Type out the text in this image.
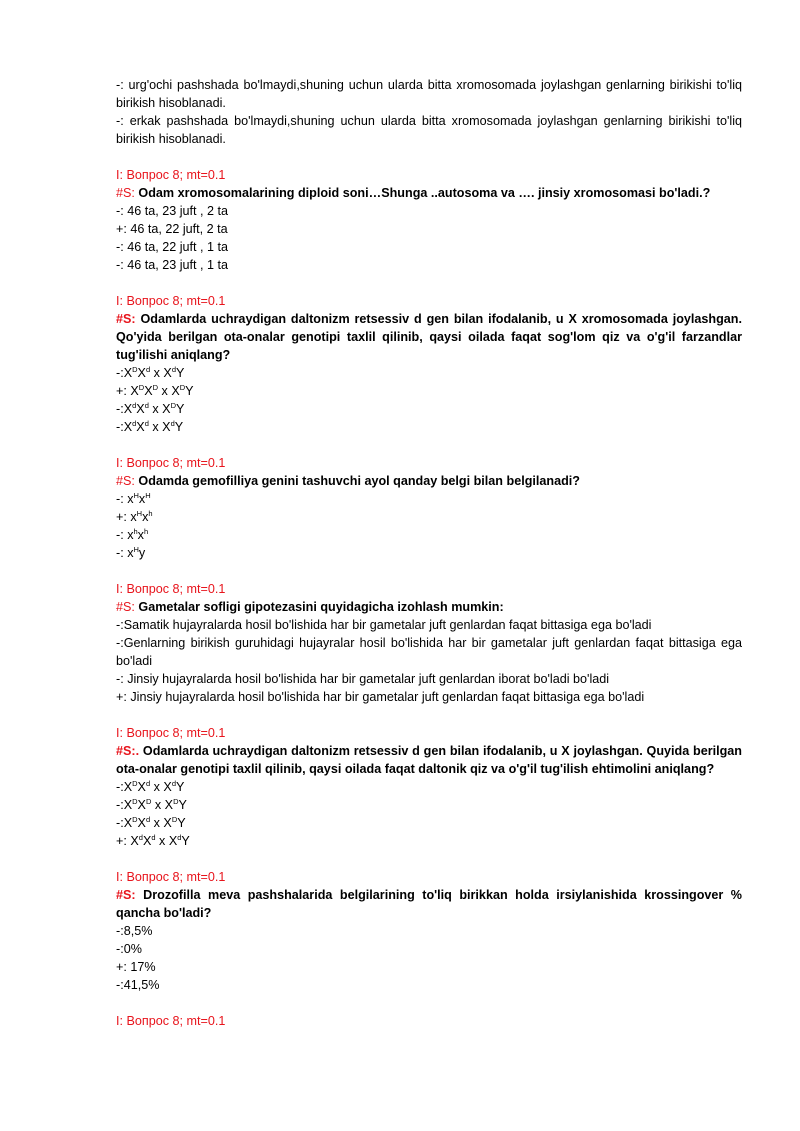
-: urg'ochi pashshada bo'lmaydi,shuning uchun ularda bitta xromosomada joylashgan genlarning birikishi to'liq birikish hisoblanadi.
-: erkak pashshada bo'lmaydi,shuning uchun ularda bitta xromosomada joylashgan genlarning birikishi to'liq birikish hisoblanadi.
I: Вопрос 8; mt=0.1
#S: Odam xromosomalarining diploid soni…Shunga ..autosoma va …. jinsiy xromosomasi bo'ladi.?
-: 46 ta, 23 juft , 2 ta
+: 46 ta, 22 juft, 2 ta
-: 46 ta, 22 juft , 1 ta
-: 46 ta, 23 juft , 1 ta
I: Вопрос 8; mt=0.1
#S: Odamlarda uchraydigan daltonizm retsessiv d gen bilan ifodalanib, u X xromosomada joylashgan. Qo'yida berilgan ota-onalar genotipi taxlil qilinib, qaysi oilada faqat sog'lom qiz va o'g'il farzandlar tug'ilishi aniqlang?
$-:X^DX^d$ x $X^dY$
+: $X^DX^D$ x $X^DY$
$-:X^dX^d$ x $X^DY$
$-:X^dX^d$ x $X^dY$
I: Вопрос 8; mt=0.1
#S: Odamda gemofilliya genini tashuvchi ayol qanday belgi bilan belgilanadi?
-: $x^Hx^H$
+: $x^Hx^h$
-: $x^hx^h$
-: $x^Hy$
I: Вопрос 8; mt=0.1
#S: Gametalar sofligi gipotezasini quyidagicha izohlash mumkin:
-:Samatik hujayralarda hosil bo'lishida har bir gametalar juft genlardan faqat bittasiga ega bo'ladi
-:Genlarning birikish guruhidagi hujayralar hosil bo'lishida har bir gametalar juft genlardan faqat bittasiga ega bo'ladi
-: Jinsiy hujayralarda hosil bo'lishida har bir gametalar juft genlardan iborat bo'ladi bo'ladi
+: Jinsiy hujayralarda hosil bo'lishida har bir gametalar juft genlardan faqat bittasiga ega bo'ladi
I: Вопрос 8; mt=0.1
#S:. Odamlarda uchraydigan daltonizm retsessiv d gen bilan ifodalanib, u X joylashgan. Quyida berilgan ota-onalar genotipi taxlil qilinib, qaysi oilada faqat daltonik qiz va o'g'il tug'ilish ehtimolini aniqlang?
$-:X^DX^d$ x $X^dY$
$-:X^DX^D$ x $X^DY$
$-:X^DX^d$ x $X^DY$
+: $X^dX^d$ x $X^dY$
I: Вопрос 8; mt=0.1
#S: Drozofilla meva pashshalarida belgilarining to'liq birikkan holda irsiylanishida krossingover % qancha bo'ladi?
-:8,5%
-:0%
+: 17%
-:41,5%
I: Вопрос 8; mt=0.1
